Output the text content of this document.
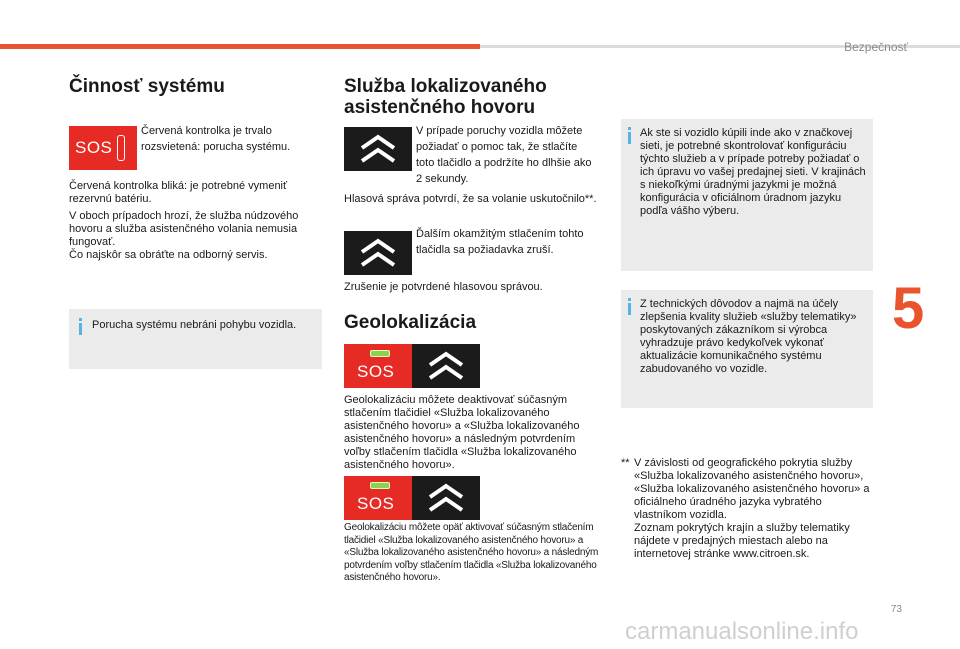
Bezpečnosť
Činnosť systému
SOS
Červená kontrolka je trvalo rozsvietená: porucha systému.
Červená kontrolka bliká: je potrebné vymeniť rezervnú batériu.
V oboch prípadoch hrozí, že služba núdzového hovoru a služba asistenčného volania nemusia fungovať.
Čo najskôr sa obráťte na odborný servis.
Porucha systému nebráni pohybu vozidla.
Služba lokalizovaného asistenčného hovoru
V prípade poruchy vozidla môžete požiadať o pomoc tak, že stlačíte toto tlačidlo a podržíte ho dlhšie ako 2 sekundy.
Hlasová správa potvrdí, že sa volanie uskutočnilo**.
Ďalším okamžitým stlačením tohto tlačidla sa požiadavka zruší.
Zrušenie je potvrdené hlasovou správou.
Geolokalizácia
SOS
Geolokalizáciu môžete deaktivovať súčasným stlačením tlačidiel «Služba lokalizovaného asistenčného hovoru» a «Služba lokalizovaného asistenčného hovoru» a následným potvrdením voľby stlačením tlačidla «Služba lokalizovaného asistenčného hovoru».
SOS
Geolokalizáciu môžete opäť aktivovať súčasným stlačením tlačidiel «Služba lokalizovaného asistenčného hovoru» a «Služba lokalizovaného asistenčného hovoru» a následným potvrdením voľby stlačením tlačidla «Služba lokalizovaného asistenčného hovoru».
Ak ste si vozidlo kúpili inde ako v značkovej sieti, je potrebné skontrolovať konfiguráciu týchto služieb a v prípade potreby požiadať o ich úpravu vo vašej predajnej sieti. V krajinách s niekoľkými úradnými jazykmi je možná konfigurácia v oficiálnom úradnom jazyku podľa vášho výberu.
Z technických dôvodov a najmä na účely zlepšenia kvality služieb «služby telematiky» poskytovaných zákazníkom si výrobca vyhradzuje právo kedykoľvek vykonať aktualizácie komunikačného systému zabudovaného vo vozidle.
** V závislosti od geografického pokrytia služby «Služba lokalizovaného asistenčného hovoru», «Služba lokalizovaného asistenčného hovoru» a oficiálneho úradného jazyka vybratého vlastníkom vozidla.
Zoznam pokrytých krajín a služby telematiky nájdete v predajných miestach alebo na internetovej stránke www.citroen.sk.
5
73
carmanualsonline.info
